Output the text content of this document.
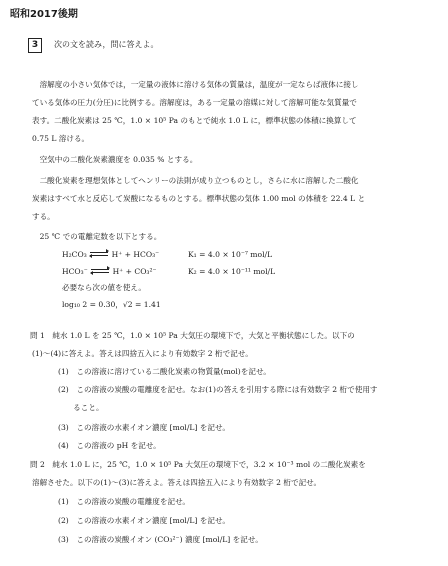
昭和2017後期
3	次の文を読み，問に答えよ。
　溶解度の小さい気体では，一定量の液体に溶ける気体の質量は，温度が一定ならば液体に接し
ている気体の圧力(分圧)に比例する。溶解度は，ある一定量の溶媒に対して溶解可能な気質量で
表す。二酸化炭素は 25 ℃，1.0 × 10⁵ Pa のもとで純水 1.0 L に，標準状態の体積に換算して
0.75 L 溶ける。
　空気中の二酸化炭素濃度を 0.035 % とする。
　二酸化炭素を理想気体としてヘンリーの法則が成り立つものとし，さらに水に溶解した二酸化
炭素はすべて水と反応して炭酸になるものとする。標準状態の気体 1.00 mol の体積を 22.4 L と
する。
　25 ℃ での電離定数を以下とする。
H₂CO₃	H⁺ + HCO₃⁻	K₁ = 4.0 × 10⁻⁷ mol/L
HCO₃⁻	H⁺ + CO₃²⁻	K₂ = 4.0 × 10⁻¹¹ mol/L
必要なら次の値を使え。
log₁₀ 2 = 0.30，√2 = 1.41
問 1　純水 1.0 L を 25 ℃，1.0 × 10⁵ Pa 大気圧の環境下で，大気と平衡状態にした。以下の
(1)〜(4)に答えよ。答えは四捨五入により有効数字 2 桁で記せ。
(1)　この溶液に溶けている二酸化炭素の物質量(mol)を記せ。
(2)　この溶液の炭酸の電離度を記せ。なお(1)の答えを引用する際には有効数字 2 桁で使用す
　　ること。
(3)　この溶液の水素イオン濃度 [mol/L] を記せ。
(4)　この溶液の pH を記せ。
問 2　純水 1.0 L に，25 ℃，1.0 × 10⁵ Pa 大気圧の環境下で，3.2 × 10⁻³ mol の二酸化炭素を
溶解させた。以下の(1)〜(3)に答えよ。答えは四捨五入により有効数字 2 桁で記せ。
(1)　この溶液の炭酸の電離度を記せ。
(2)　この溶液の水素イオン濃度 [mol/L] を記せ。
(3)　この溶液の炭酸イオン (CO₃²⁻) 濃度 [mol/L] を記せ。
